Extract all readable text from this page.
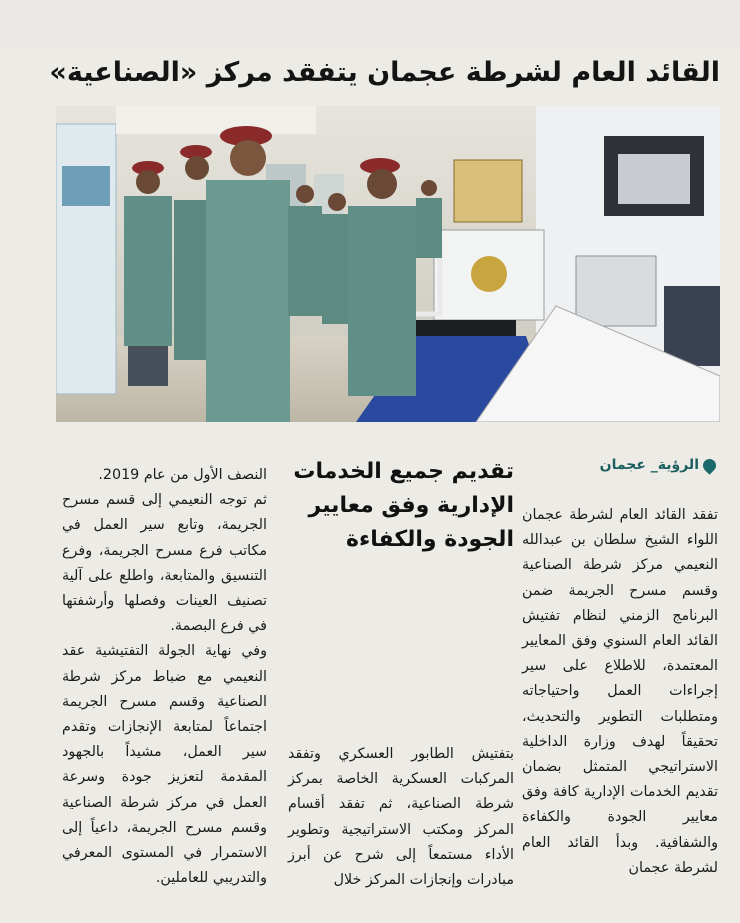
القائد العام لشرطة عجمان يتفقد مركز «الصناعية»
الرؤية_ عجمان
تقديم جميع الخدمات الإدارية وفق معايير الجودة والكفاءة

تفقد القائد العام لشرطة عجمان اللواء الشيخ سلطان بن عبدالله النعيمي مركز شرطة الصناعية وقسم مسرح الجريمة ضمن البرنامج الزمني لنظام تفتيش القائد العام السنوي وفق المعايير المعتمدة، للاطلاع على سير إجراءات العمل واحتياجاته ومتطلبات التطوير والتحديث، تحقيقاً لهدف وزارة الداخلية الاستراتيجي المتمثل بضمان تقديم الخدمات الإدارية كافة وفق معايير الجودة والكفاءة والشفافية. وبدأ القائد العام لشرطة عجمان

بتفتيش الطابور العسكري وتفقد المركبات العسكرية الخاصة بمركز شرطة الصناعية، ثم تفقد أقسام المركز ومكتب الاستراتيجية وتطوير الأداء مستمعاً إلى شرح عن أبرز مبادرات وإنجازات المركز خلال

النصف الأول من عام 2019.

ثم توجه النعيمي إلى قسم مسرح الجريمة، وتابع سير العمل في مكاتب فرع مسرح الجريمة، وفرع التنسيق والمتابعة، واطلع على آلية تصنيف العينات وفصلها وأرشفتها في فرع البصمة.

وفي نهاية الجولة التفتيشية عقد النعيمي مع ضباط مركز شرطة الصناعية وقسم مسرح الجريمة اجتماعاً لمتابعة الإنجازات وتقدم سير العمل، مشيداً بالجهود المقدمة لتعزيز جودة وسرعة العمل في مركز شرطة الصناعية وقسم مسرح الجريمة، داعياً إلى الاستمرار في المستوى المعرفي والتدريبي للعاملين.
